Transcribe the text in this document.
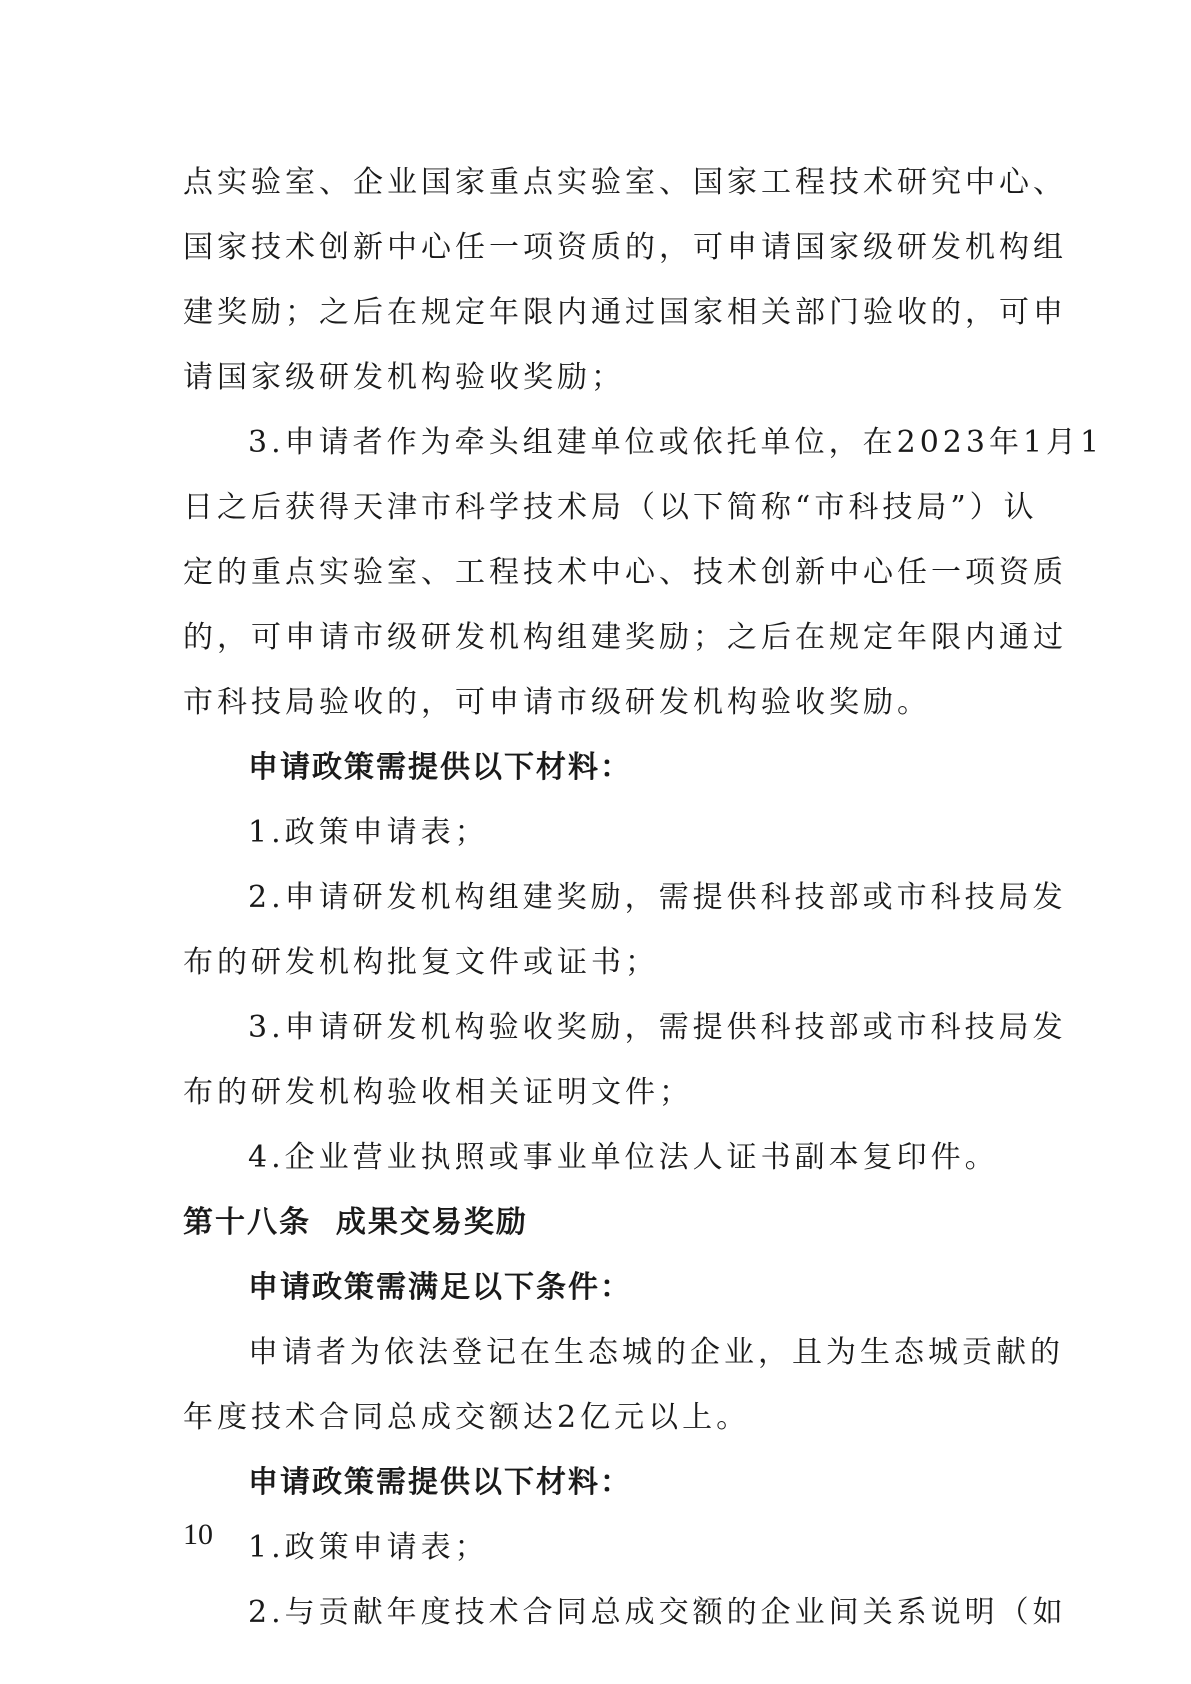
点实验室、企业国家重点实验室、国家工程技术研究中心、
国家技术创新中心任一项资质的，可申请国家级研发机构组
建奖励；之后在规定年限内通过国家相关部门验收的，可申
请国家级研发机构验收奖励；
3.申请者作为牵头组建单位或依托单位，在2023年1月1
日之后获得天津市科学技术局（以下简称“市科技局”）认
定的重点实验室、工程技术中心、技术创新中心任一项资质
的，可申请市级研发机构组建奖励；之后在规定年限内通过
市科技局验收的，可申请市级研发机构验收奖励。
申请政策需提供以下材料：
1.政策申请表；
2.申请研发机构组建奖励，需提供科技部或市科技局发
布的研发机构批复文件或证书；
3.申请研发机构验收奖励，需提供科技部或市科技局发
布的研发机构验收相关证明文件；
4.企业营业执照或事业单位法人证书副本复印件。
第十八条  成果交易奖励
申请政策需满足以下条件：
申请者为依法登记在生态城的企业，且为生态城贡献的
年度技术合同总成交额达2亿元以上。
申请政策需提供以下材料：
1.政策申请表；
2.与贡献年度技术合同总成交额的企业间关系说明（如
10
